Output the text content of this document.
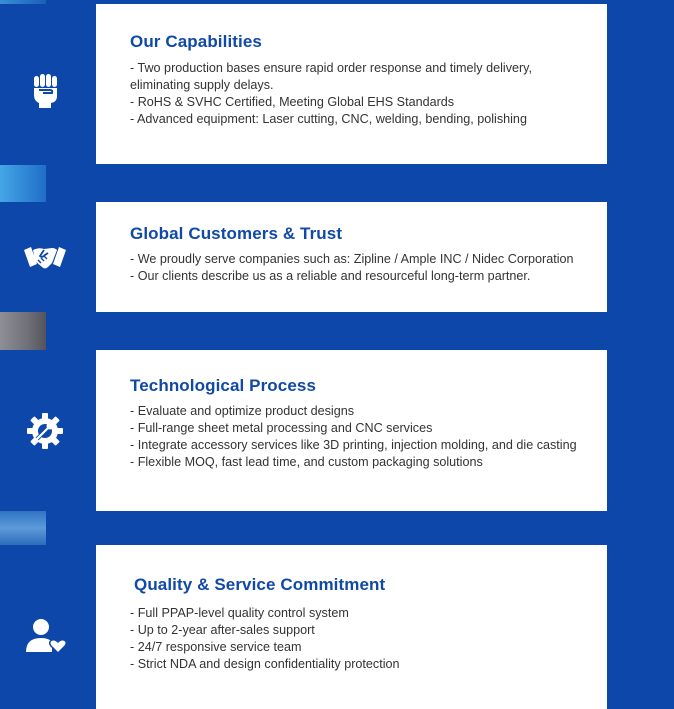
Our Capabilities
- Two production bases ensure rapid order response and timely delivery,
eliminating supply delays.
- RoHS & SVHC Certified, Meeting Global EHS Standards
- Advanced equipment: Laser cutting, CNC, welding, bending, polishing
Global Customers & Trust
- We proudly serve companies such as: Zipline / Ample INC / Nidec Corporation
- Our clients describe us as a reliable and resourceful long-term partner.
Technological Process
- Evaluate and optimize product designs
- Full-range sheet metal processing and CNC services
- Integrate accessory services like 3D printing, injection molding, and die casting
- Flexible MOQ, fast lead time, and custom packaging solutions
Quality & Service Commitment
- Full PPAP-level quality control system
- Up to 2-year after-sales support
- 24/7 responsive service team
- Strict NDA and design confidentiality protection
